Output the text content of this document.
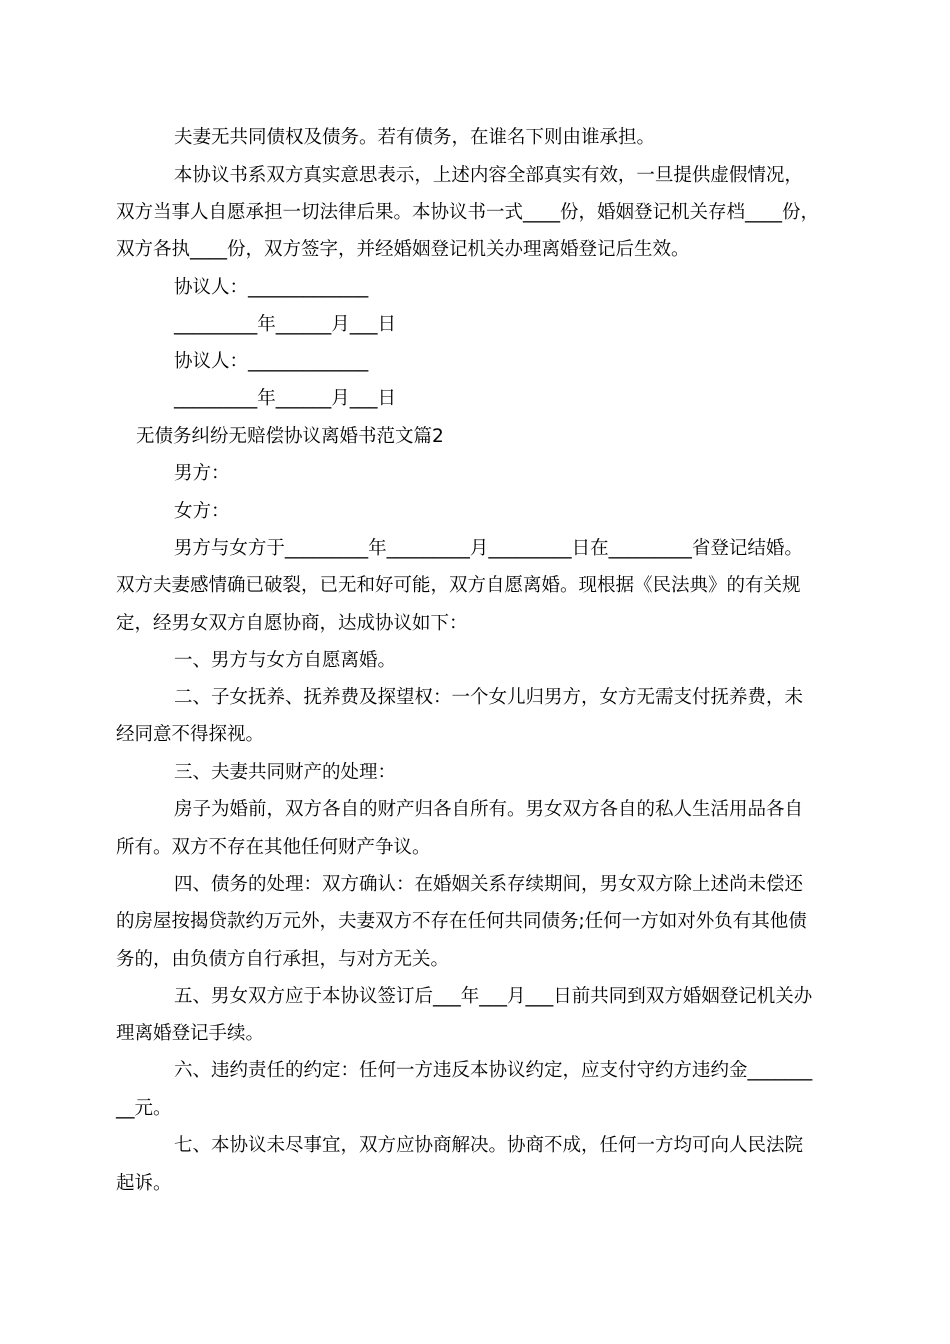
夫妻无共同债权及债务。若有债务，在谁名下则由谁承担。
本协议书系双方真实意思表示，上述内容全部真实有效，一旦提供虚假情况，
双方当事人自愿承担一切法律后果。本协议书一式____份，婚姻登记机关存档____份，
双方各执____份，双方签字，并经婚姻登记机关办理离婚登记后生效。
协议人：_____________
_________年______月___日
协议人：_____________
_________年______月___日
无债务纠纷无赔偿协议离婚书范文篇2
男方：
女方：
男方与女方于_________年_________月_________日在_________省登记结婚。
双方夫妻感情确已破裂，已无和好可能，双方自愿离婚。现根据《民法典》的有关规
定，经男女双方自愿协商，达成协议如下：
一、男方与女方自愿离婚。
二、子女抚养、抚养费及探望权：一个女儿归男方，女方无需支付抚养费，未
经同意不得探视。
三、夫妻共同财产的处理：
房子为婚前，双方各自的财产归各自所有。男女双方各自的私人生活用品各自
所有。双方不存在其他任何财产争议。
四、债务的处理：双方确认：在婚姻关系存续期间，男女双方除上述尚未偿还
的房屋按揭贷款约万元外，夫妻双方不存在任何共同债务;任何一方如对外负有其他债
务的，由负债方自行承担，与对方无关。
五、男女双方应于本协议签订后___年___月___日前共同到双方婚姻登记机关办
理离婚登记手续。
六、违约责任的约定：任何一方违反本协议约定，应支付守约方违约金_______
__元。
七、本协议未尽事宜，双方应协商解决。协商不成，任何一方均可向人民法院
起诉。
